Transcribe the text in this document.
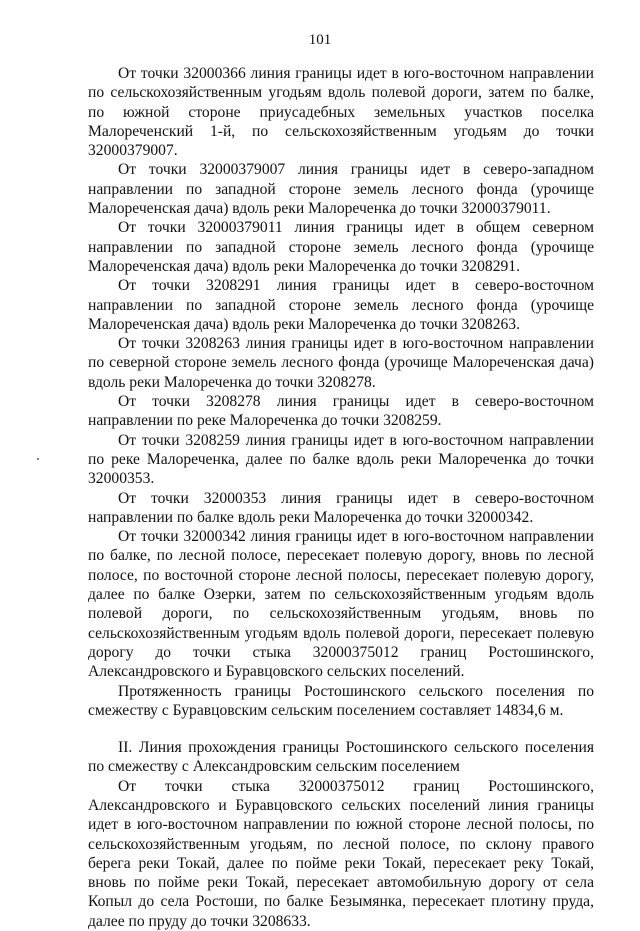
101

От точки 32000366 линия границы идет в юго-восточном направлении по сельскохозяйственным угодьям вдоль полевой дороги, затем по балке, по южной стороне приусадебных земельных участков поселка Малореченский 1-й, по сельскохозяйственным угодьям до точки 32000379007.

От точки 32000379007 линия границы идет в северо-западном направлении по западной стороне земель лесного фонда (урочище Малореченская дача) вдоль реки Малореченка до точки 32000379011.

От точки 32000379011 линия границы идет в общем северном направлении по западной стороне земель лесного фонда (урочище Малореченская дача) вдоль реки Малореченка до точки 3208291.

От точки 3208291 линия границы идет в северо-восточном направлении по западной стороне земель лесного фонда (урочище Малореченская дача) вдоль реки Малореченка до точки 3208263.

От точки 3208263 линия границы идет в юго-восточном направлении по северной стороне земель лесного фонда (урочище Малореченская дача) вдоль реки Малореченка до точки 3208278.

От точки 3208278 линия границы идет в северо-восточном направлении по реке Малореченка до точки 3208259.

От точки 3208259 линия границы идет в юго-восточном направлении по реке Малореченка, далее по балке вдоль реки Малореченка до точки 32000353.

От точки 32000353 линия границы идет в северо-восточном направлении по балке вдоль реки Малореченка до точки 32000342.

От точки 32000342 линия границы идет в юго-восточном направлении по балке, по лесной полосе, пересекает полевую дорогу, вновь по лесной полосе, по восточной стороне лесной полосы, пересекает полевую дорогу, далее по балке Озерки, затем по сельскохозяйственным угодьям вдоль полевой дороги, по сельскохозяйственным угодьям, вновь по сельскохозяйственным угодьям вдоль полевой дороги, пересекает полевую дорогу до точки стыка 32000375012 границ Ростошинского, Александровского и Буравцовского сельских поселений.

Протяженность границы Ростошинского сельского поселения по смежеству с Буравцовским сельским поселением составляет 14834,6 м.

II. Линия прохождения границы Ростошинского сельского поселения по смежеству с Александровским сельским поселением

От точки стыка 32000375012 границ Ростошинского, Александровского и Буравцовского сельских поселений линия границы идет в юго-восточном направлении по южной стороне лесной полосы, по сельскохозяйственным угодьям, по лесной полосе, по склону правого берега реки Токай, далее по пойме реки Токай, пересекает реку Токай, вновь по пойме реки Токай, пересекает автомобильную дорогу от села Копыл до села Ростоши, по балке Безымянка, пересекает плотину пруда, далее по пруду до точки 3208633.
